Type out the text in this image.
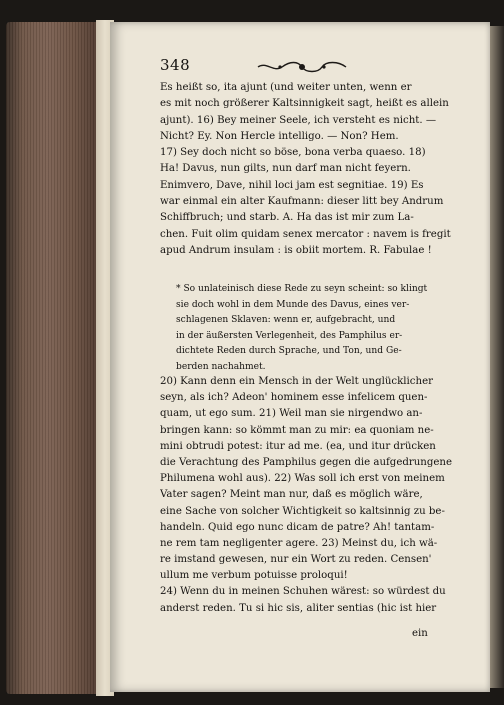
348
Es heißt so, ita ajunt (und weiter unten, wenn er
es mit noch größerer Kaltsinnigkeit sagt, heißt es allein
ajunt). 16) Bey meiner Seele, ich versteht es nicht. —
Nicht? Ey. Non Hercle intelligo. — Non? Hem.
17) Sey doch nicht so böse, bona verba quaeso. 18)
Ha! Davus, nun gilts, nun darf man nicht feyern.
Enimvero, Dave, nihil loci jam est segnitiae. 19) Es
war einmal ein alter Kaufmann: dieser litt bey Andrum
Schiffbruch; und starb. A. Ha das ist mir zum La-
chen. Fuit olim quidam senex mercator : navem is fregit
apud Andrum insulam : is obiit mortem. R. Fabulae !
* So unlateinisch diese Rede zu seyn scheint: so klingt
sie doch wohl in dem Munde des Davus, eines ver-
schlagenen Sklaven: wenn er, aufgebracht, und
in der äußersten Verlegenheit, des Pamphilus er-
dichtete Reden durch Sprache, und Ton, und Ge-
berden nachahmet.
20) Kann denn ein Mensch in der Welt unglücklicher
seyn, als ich? Adeon' hominem esse infelicem quen-
quam, ut ego sum. 21) Weil man sie nirgendwo an-
bringen kann: so kömmt man zu mir: ea quoniam ne-
mini obtrudi potest: itur ad me. (ea, und itur drücken
die Verachtung des Pamphilus gegen die aufgedrungene
Philumena wohl aus). 22) Was soll ich erst von meinem
Vater sagen? Meint man nur, daß es möglich wäre,
eine Sache von solcher Wichtigkeit so kaltsinnig zu be-
handeln. Quid ego nunc dicam de patre? Ah! tantam-
ne rem tam negligenter agere. 23) Meinst du, ich wä-
re imstand gewesen, nur ein Wort zu reden. Censen'
ullum me verbum potuisse proloqui!
24) Wenn du in meinen Schuhen wärest: so würdest du
anderst reden. Tu si hic sis, aliter sentias (hic ist hier
ein
